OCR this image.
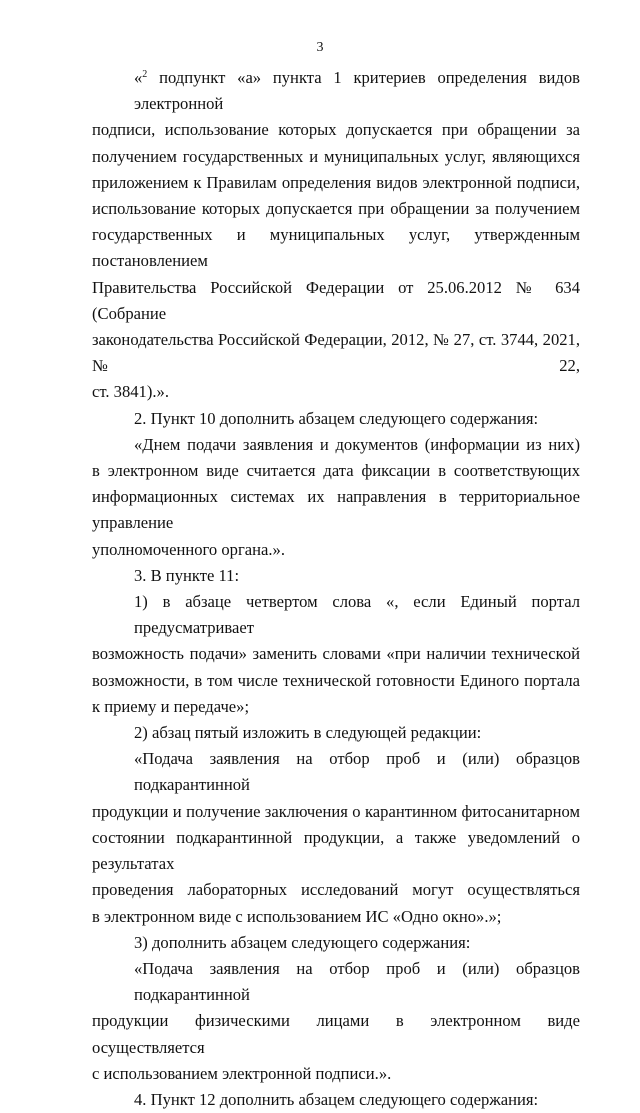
3

«$^2$ подпункт «а» пункта 1 критериев определения видов электронной
подписи, использование которых допускается при обращении за
получением государственных и муниципальных услуг, являющихся
приложением к Правилам определения видов электронной подписи,
использование которых допускается при обращении за получением
государственных и муниципальных услуг, утвержденным постановлением
Правительства Российской Федерации от 25.06.2012 № 634 (Собрание
законодательства Российской Федерации, 2012, № 27, ст. 3744, 2021, № 22,
ст. 3841).».

2. Пункт 10 дополнить абзацем следующего содержания:

«Днем подачи заявления и документов (информации из них)
в электронном виде считается дата фиксации в соответствующих
информационных системах их направления в территориальное управление
уполномоченного органа.».

3. В пункте 11:

1) в абзаце четвертом слова «, если Единый портал предусматривает
возможность подачи» заменить словами «при наличии технической
возможности, в том числе технической готовности Единого портала
к приему и передаче»;

2) абзац пятый изложить в следующей редакции:

«Подача заявления на отбор проб и (или) образцов подкарантинной
продукции и получение заключения о карантинном фитосанитарном
состоянии подкарантинной продукции, а также уведомлений о результатах
проведения лабораторных исследований могут осуществляться
в электронном виде с использованием ИС «Одно окно».»;

3) дополнить абзацем следующего содержания:

«Подача заявления на отбор проб и (или) образцов подкарантинной
продукции физическими лицами в электронном виде осуществляется
с использованием электронной подписи.».

4. Пункт 12 дополнить абзацем следующего содержания:
